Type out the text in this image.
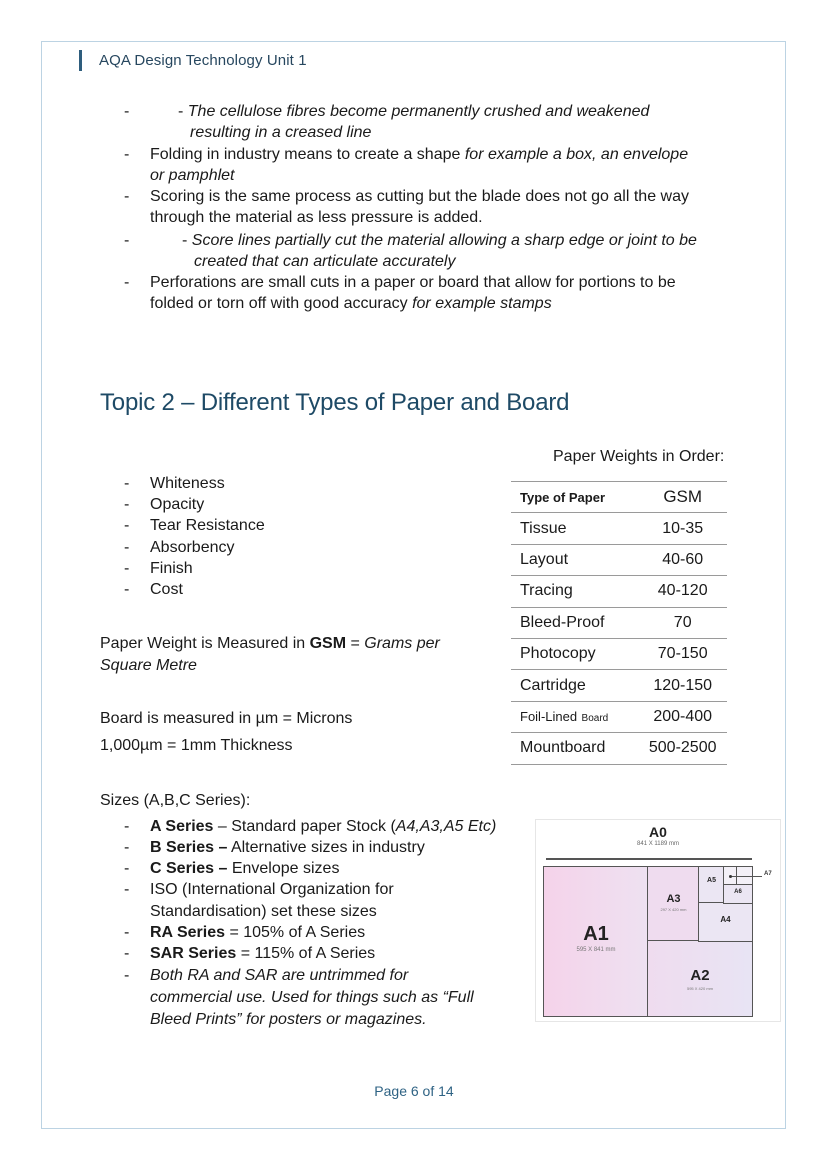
AQA Design Technology Unit 1
-	- The cellulose fibres become permanently crushed and weakened
resulting in a creased line
- Folding in industry means to create a shape for example a box, an envelope
or pamphlet
- Scoring is the same process as cutting but the blade does not go all the way
through the material as less pressure is added.
-	- Score lines partially cut the material allowing a sharp edge or joint to be
created that can articulate accurately
- Perforations are small cuts in a paper or board that allow for portions to be
folded or torn off with good accuracy for example stamps
Topic 2 – Different Types of Paper and Board
- Whiteness
- Opacity
- Tear Resistance
- Absorbency
- Finish
- Cost
Paper Weight is Measured in GSM = Grams per
Square Metre
Board is measured in µm = Microns
1,000µm = 1mm Thickness
Paper Weights in Order:
Type of Paper	GSM
Tissue	10-35
Layout	40-60
Tracing	40-120
Bleed-Proof	70
Photocopy	70-150
Cartridge	120-150
Foil-Lined Board	200-400
Mountboard	500-2500
Sizes (A,B,C Series):
- A Series – Standard paper Stock (A4,A3,A5 Etc)
- B Series – Alternative sizes in industry
- C Series – Envelope sizes
- ISO (International Organization for
Standardisation) set these sizes
- RA Series = 105% of A Series
- SAR Series = 115% of A Series
- Both RA and SAR are untrimmed for
commercial use. Used for things such as “Full
Bleed Prints” for posters or magazines.
A0
841 X 1189 mm
A1
595 X 841 mm
A3
297 X 420 mm
A2
595 X 420 mm
A5
A4
A6
A7
Page 6 of 14
